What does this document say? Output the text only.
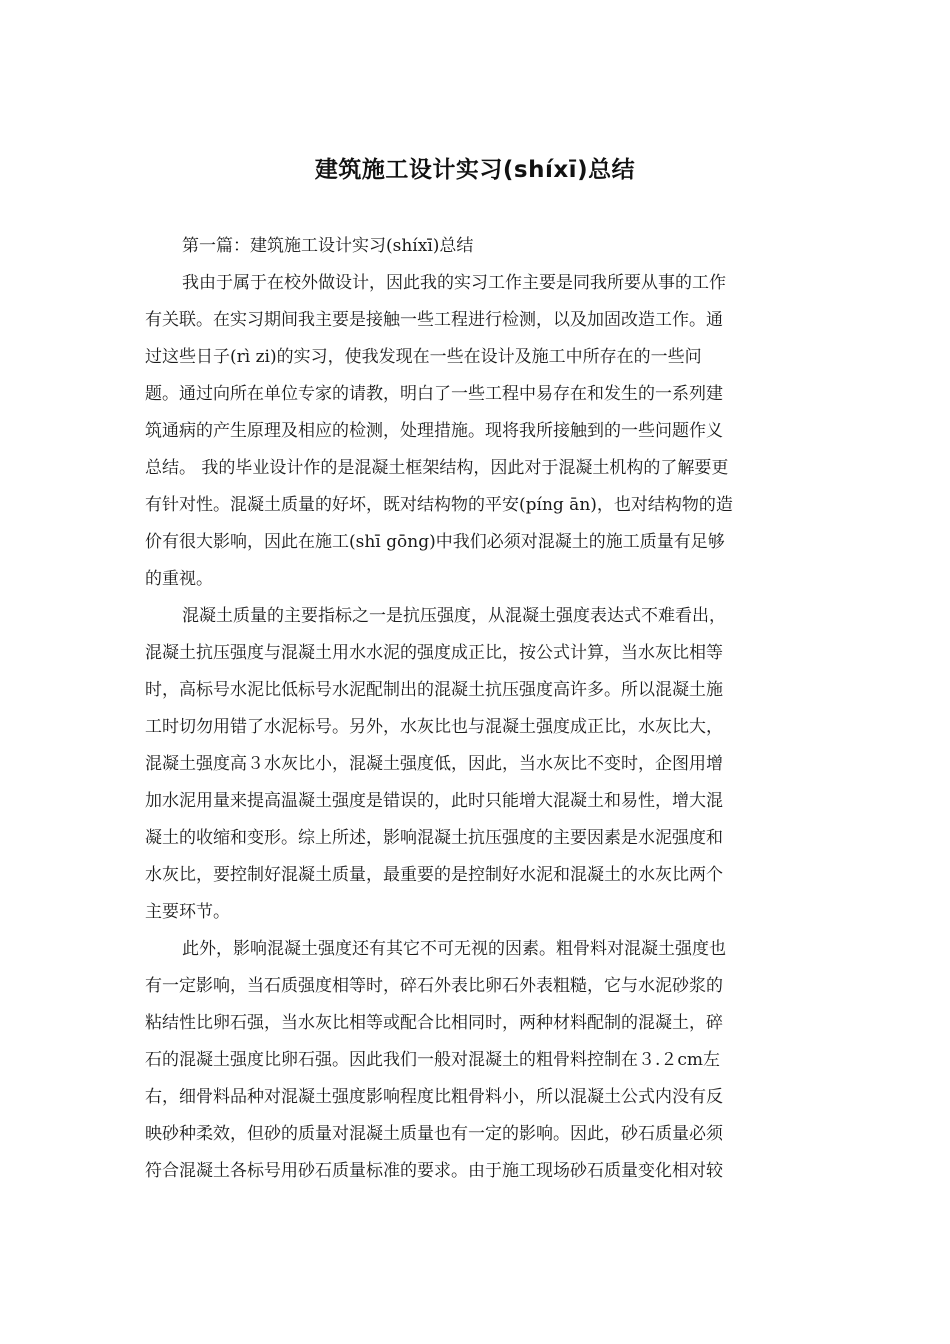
建筑施工设计实习(shíxī)总结
第一篇：建筑施工设计实习(shíxī)总结
我由于属于在校外做设计，因此我的实习工作主要是同我所要从事的工作
有关联。在实习期间我主要是接触一些工程进行检测，以及加固改造工作。通
过这些日子(rì zi)的实习，使我发现在一些在设计及施工中所存在的一些问
题。通过向所在单位专家的请教，明白了一些工程中易存在和发生的一系列建
筑通病的产生原理及相应的检测，处理措施。现将我所接触到的一些问题作义
总结。 我的毕业设计作的是混凝土框架结构，因此对于混凝土机构的了解要更
有针对性。混凝土质量的好坏，既对结构物的平安(píng ān)，也对结构物的造
价有很大影响，因此在施工(shī gōng)中我们必须对混凝土的施工质量有足够
的重视。
混凝土质量的主要指标之一是抗压强度，从混凝土强度表达式不难看出，
混凝土抗压强度与混凝土用水水泥的强度成正比，按公式计算，当水灰比相等
时，高标号水泥比低标号水泥配制出的混凝土抗压强度高许多。所以混凝土施
工时切勿用错了水泥标号。另外，水灰比也与混凝土强度成正比，水灰比大，
混凝土强度高３水灰比小，混凝土强度低，因此，当水灰比不变时，企图用增
加水泥用量来提高温凝土强度是错误的，此时只能增大混凝土和易性，增大混
凝土的收缩和变形。综上所述，影响混凝土抗压强度的主要因素是水泥强度和
水灰比，要控制好混凝土质量，最重要的是控制好水泥和混凝土的水灰比两个
主要环节。
此外，影响混凝土强度还有其它不可无视的因素。粗骨料对混凝土强度也
有一定影响，当石质强度相等时，碎石外表比卵石外表粗糙，它与水泥砂浆的
粘结性比卵石强，当水灰比相等或配合比相同时，两种材料配制的混凝土，碎
石的混凝土强度比卵石强。因此我们一般对混凝土的粗骨料控制在３.２cm左
右，细骨料品种对混凝土强度影响程度比粗骨料小，所以混凝土公式内没有反
映砂种柔效，但砂的质量对混凝土质量也有一定的影响。因此，砂石质量必须
符合混凝土各标号用砂石质量标准的要求。由于施工现场砂石质量变化相对较
